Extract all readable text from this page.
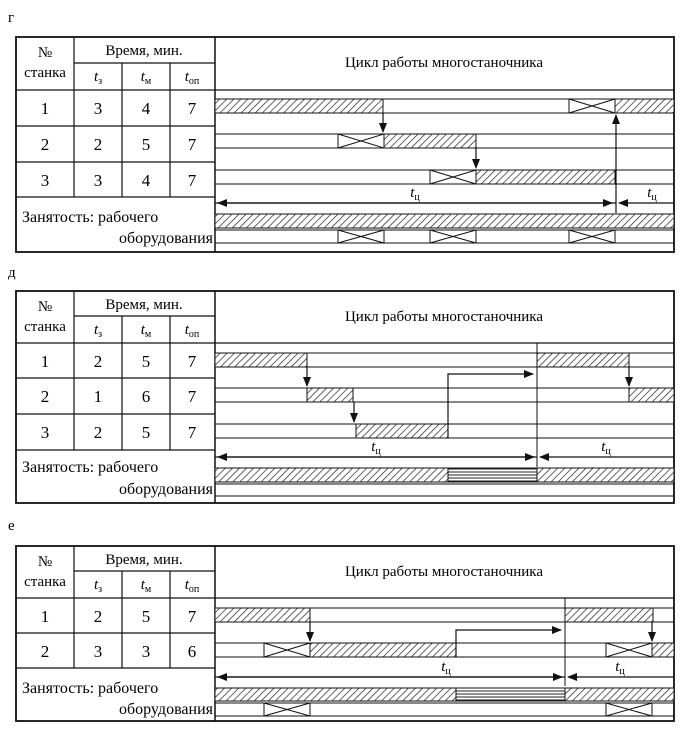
г
д
е
№
станка
Время, мин.
tз	tм tоп
Цикл работы многостаночника
1	3 4 7
2	2 5 7
3	3 4 7
Занятость: рабочего
оборудования
tц	tц
№
станка
Время, мин.
tз	tм tоп
Цикл работы многостаночника
1	2 5 7
2	1 6 7
3	2 5 7
Занятость: рабочего
оборудования
tц	tц
№
станка
Время, мин.
tз	tм tоп
Цикл работы многостаночника
1	2 5 7
2	3 3 6
Занятость: рабочего
оборудования
tц	tц
